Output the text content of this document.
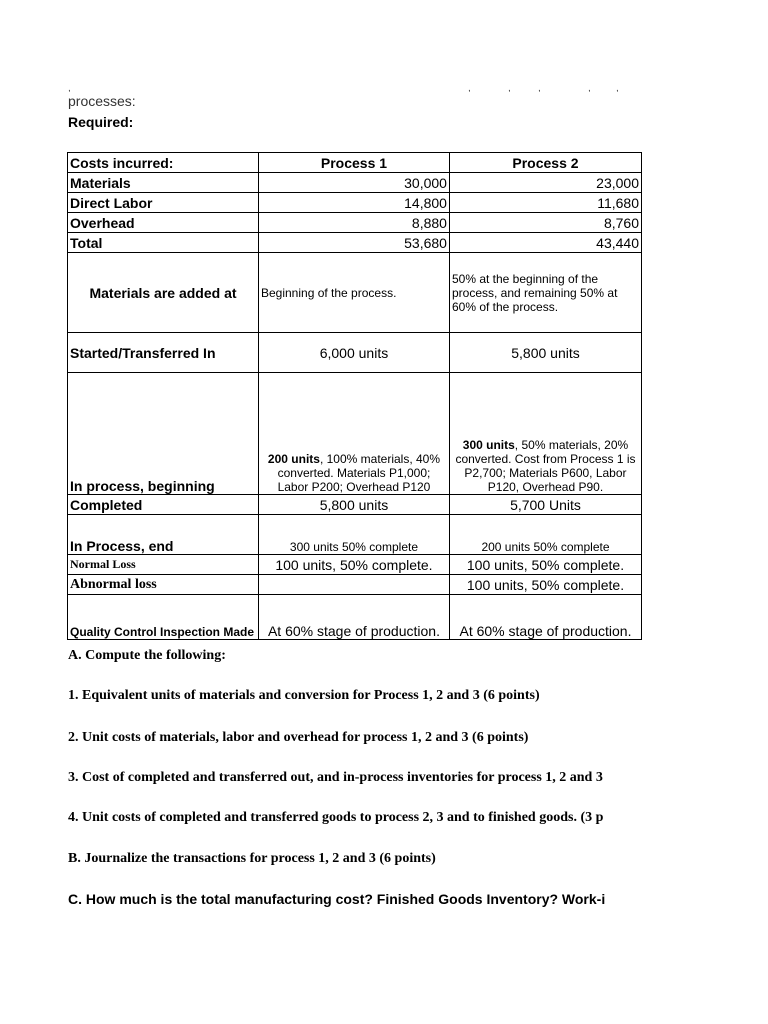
,	,	,	,	,	,
processes:
Required:
Costs incurred:	Process 1	Process 2
Materials	30,000	23,000
Direct Labor	14,800	11,680
Overhead	8,880	8,760
Total	53,680	43,440
Materials are added at	Beginning of the process.	50% at the beginning of the process, and remaining 50% at 60% of the process.
Started/Transferred In	6,000 units	5,800 units
In process, beginning	200 units, 100% materials, 40% converted. Materials P1,000; Labor P200; Overhead P120	300 units, 50% materials, 20% converted. Cost from Process 1 is P2,700; Materials P600, Labor P120, Overhead P90.
Completed	5,800 units	5,700 Units
In Process, end	300 units 50% complete	200 units 50% complete
Normal Loss	100 units, 50% complete.	100 units, 50% complete.
Abnormal loss		100 units, 50% complete.
Quality Control Inspection Made	At 60% stage of production.	At 60% stage of production.
A. Compute the following:
1. Equivalent units of materials and conversion for Process 1, 2 and 3 (6 points)
2. Unit costs of materials, labor and overhead for process 1, 2 and 3 (6 points)
3. Cost of completed and transferred out, and in-process inventories for process 1, 2 and 3
4. Unit costs of completed and transferred goods to process 2, 3 and to finished goods. (3 p
B. Journalize the transactions for process 1, 2 and 3 (6 points)
C. How much is the total manufacturing cost? Finished Goods Inventory? Work-i
